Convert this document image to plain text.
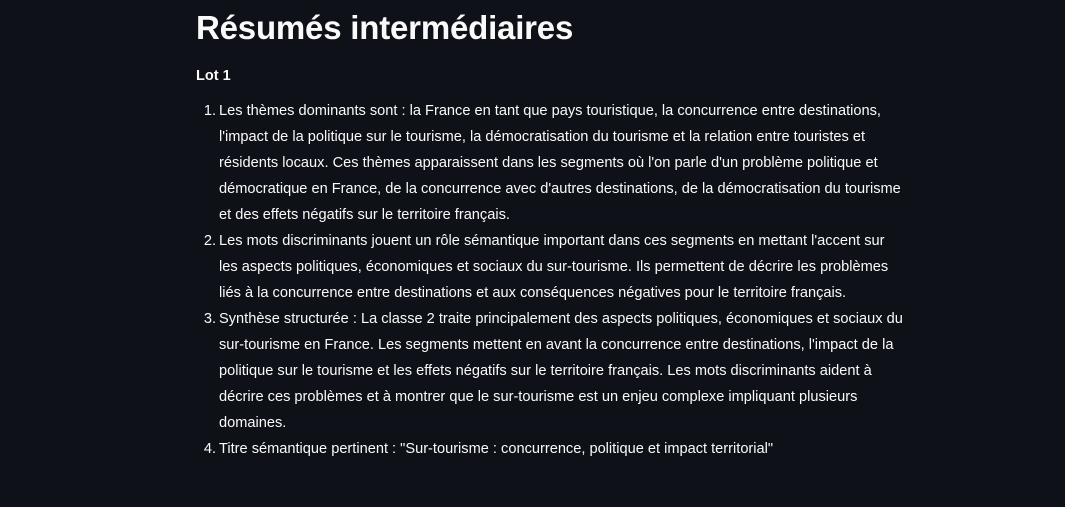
Résumés intermédiaires

Lot 1

1. Les thèmes dominants sont : la France en tant que pays touristique, la concurrence entre destinations, l'impact de la politique sur le tourisme, la démocratisation du tourisme et la relation entre touristes et résidents locaux. Ces thèmes apparaissent dans les segments où l'on parle d'un problème politique et démocratique en France, de la concurrence avec d'autres destinations, de la démocratisation du tourisme et des effets négatifs sur le territoire français.
2. Les mots discriminants jouent un rôle sémantique important dans ces segments en mettant l'accent sur les aspects politiques, économiques et sociaux du sur-tourisme. Ils permettent de décrire les problèmes liés à la concurrence entre destinations et aux conséquences négatives pour le territoire français.
3. Synthèse structurée : La classe 2 traite principalement des aspects politiques, économiques et sociaux du sur-tourisme en France. Les segments mettent en avant la concurrence entre destinations, l'impact de la politique sur le tourisme et les effets négatifs sur le territoire français. Les mots discriminants aident à décrire ces problèmes et à montrer que le sur-tourisme est un enjeu complexe impliquant plusieurs domaines.
4. Titre sémantique pertinent : "Sur-tourisme : concurrence, politique et impact territorial"
